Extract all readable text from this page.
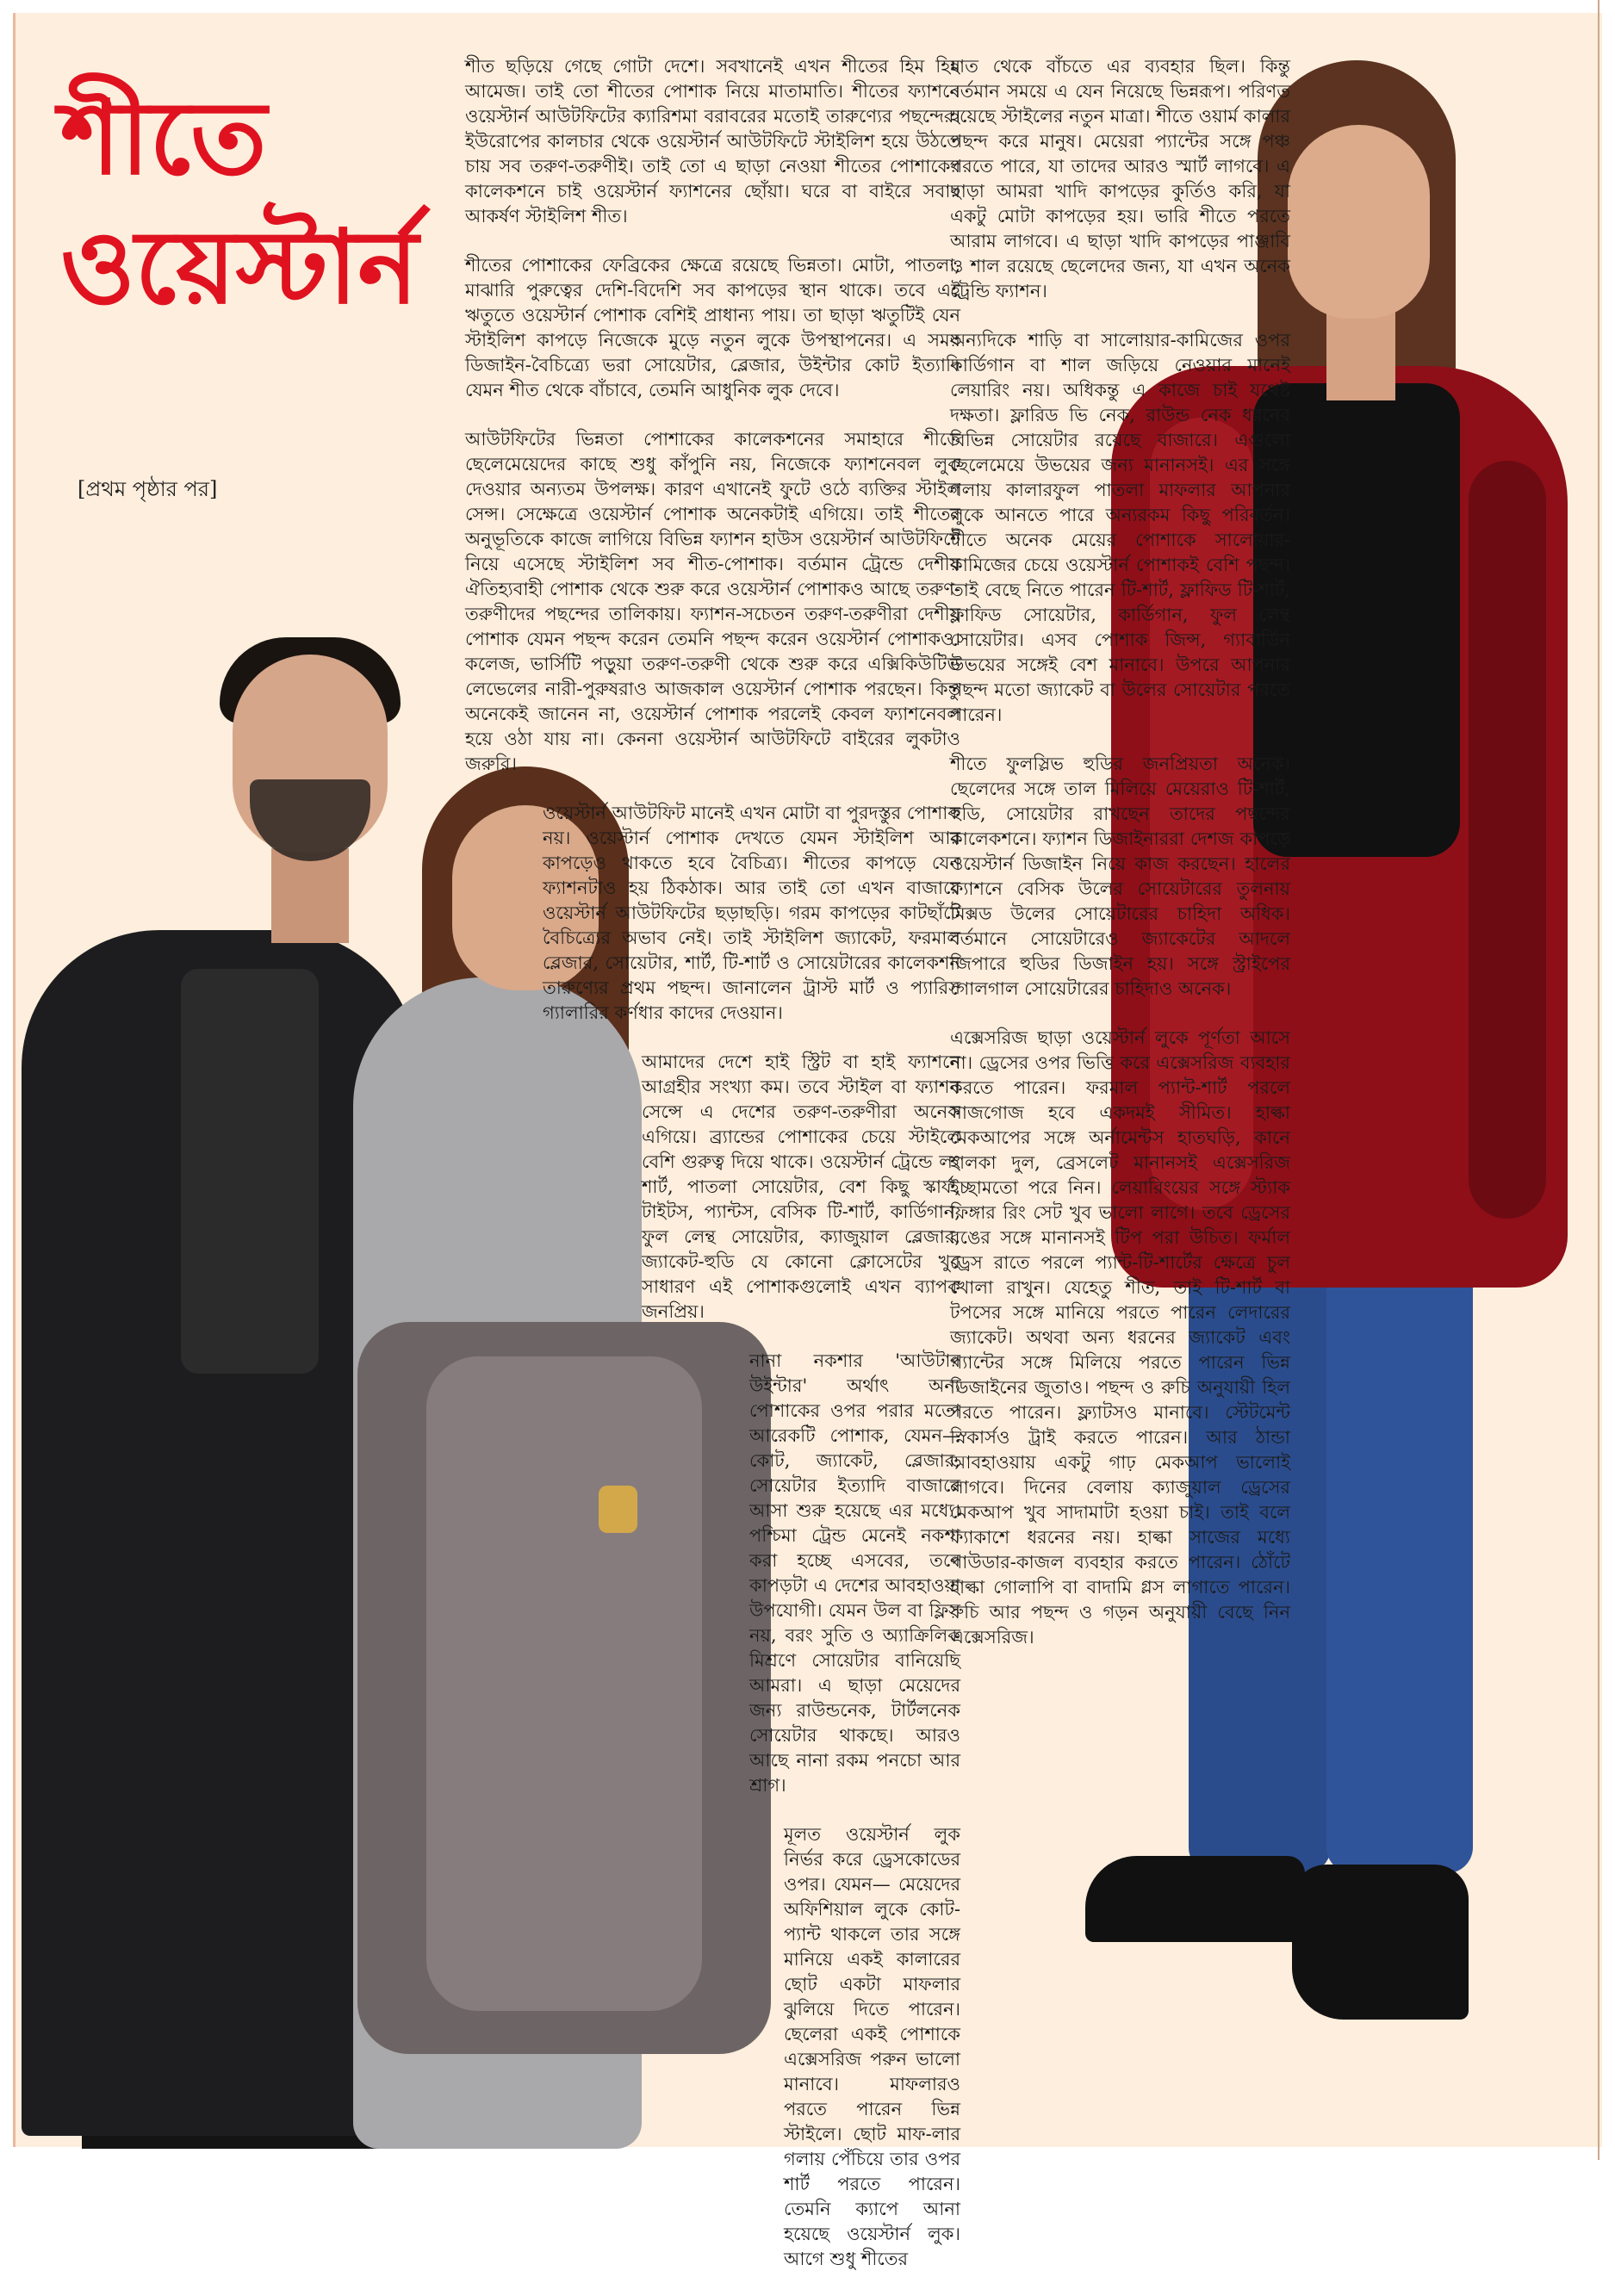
শীতে
ওয়েস্টার্ন
[প্রথম পৃষ্ঠার পর]

শীত ছড়িয়ে গেছে গোটা দেশে। সবখানেই এখন শীতের হিম হিম আমেজ। তাই তো শীতের পোশাক নিয়ে মাতামাতি। শীতের ফ্যাশনে ওয়েস্টার্ন আউটফিটের ক্যারিশমা বরাবরের মতোই তারুণ্যের পছন্দের। ইউরোপের কালচার থেকে ওয়েস্টার্ন আউটফিটে স্টাইলিশ হয়ে উঠতে চায় সব তরুণ-তরুণীই। তাই তো এ ছাড়া নেওয়া শীতের পোশাকের কালেকশনে চাই ওয়েস্টার্ন ফ্যাশনের ছোঁয়া। ঘরে বা বাইরে সবার আকর্ষণ স্টাইলিশ শীত।

শীতের পোশাকের ফেব্রিকের ক্ষেত্রে রয়েছে ভিন্নতা। মোটা, পাতলা, মাঝারি পুরুত্বের দেশি-বিদেশি সব কাপড়ের স্থান থাকে। তবে এই ঋতুতে ওয়েস্টার্ন পোশাক বেশিই প্রাধান্য পায়। তা ছাড়া ঋতুটিই যেন স্টাইলিশ কাপড়ে নিজেকে মুড়ে নতুন লুকে উপস্থাপনের। এ সময় ডিজাইন-বৈচিত্র্যে ভরা সোয়েটার, ব্লেজার, উইন্টার কোট ইত্যাদি যেমন শীত থেকে বাঁচাবে, তেমনি আধুনিক লুক দেবে।

আউটফিটের ভিন্নতা পোশাকের কালেকশনের সমাহারে শীতে ছেলেমেয়েদের কাছে শুধু কাঁপুনি নয়, নিজেকে ফ্যাশনেবল লুক দেওয়ার অন্যতম উপলক্ষ। কারণ এখানেই ফুটে ওঠে ব্যক্তির স্টাইল সেন্স। সেক্ষেত্রে ওয়েস্টার্ন পোশাক অনেকটাই এগিয়ে। তাই শীতের অনুভূতিকে কাজে লাগিয়ে বিভিন্ন ফ্যাশন হাউস ওয়েস্টার্ন আউটফিটে নিয়ে এসেছে স্টাইলিশ সব শীত-পোশাক। বর্তমান ট্রেন্ডে দেশীয় ঐতিহ্যবাহী পোশাক থেকে শুরু করে ওয়েস্টার্ন পোশাকও আছে তরুণ-তরুণীদের পছন্দের তালিকায়। ফ্যাশন-সচেতন তরুণ-তরুণীরা দেশীয় পোশাক যেমন পছন্দ করেন তেমনি পছন্দ করেন ওয়েস্টার্ন পোশাকও। কলেজ, ভার্সিটি পড়ুয়া তরুণ-তরুণী থেকে শুরু করে এক্সিকিউটিভ লেভেলের নারী-পুরুষরাও আজকাল ওয়েস্টার্ন পোশাক পরছেন। কিন্তু অনেকেই জানেন না, ওয়েস্টার্ন পোশাক পরলেই কেবল ফ্যাশনেবল হয়ে ওঠা যায় না। কেননা ওয়েস্টার্ন আউটফিটে বাইরের লুকটাও জরুরি।

ওয়েস্টার্ন আউটফিট মানেই এখন মোটা বা পুরদস্তুর পোশাক নয়। ওয়েস্টার্ন পোশাক দেখতে যেমন স্টাইলিশ আর কাপড়েও থাকতে হবে বৈচিত্র্য। শীতের কাপড়ে যেন ফ্যাশনটাও হয় ঠিকঠাক। আর তাই তো এখন বাজারে ওয়েস্টার্ন আউটফিটের ছড়াছড়ি। গরম কাপড়ের কাটছাঁটে বৈচিত্র্যের অভাব নেই। তাই স্টাইলিশ জ্যাকেট, ফরমাল ব্লেজার, সোয়েটার, শার্ট, টি-শার্ট ও সোয়েটারের কালেকশন তারুণ্যের প্রথম পছন্দ। জানালেন ট্রাস্ট মার্ট ও প্যারিস গ্যালারির কর্ণধার কাদের দেওয়ান।

আমাদের দেশে হাই স্ট্রিট বা হাই ফ্যাশনে আগ্রহীর সংখ্যা কম। তবে স্টাইল বা ফ্যাশন সেন্সে এ দেশের তরুণ-তরুণীরা অনেক এগিয়ে। ব্র্যান্ডের পোশাকের চেয়ে স্টাইলে বেশি গুরুত্ব দিয়ে থাকে। ওয়েস্টার্ন ট্রেন্ডে লং শার্ট, পাতলা সোয়েটার, বেশ কিছু স্কার্ফ, টাইটস, প্যান্টস, বেসিক টি-শার্ট, কার্ডিগান, ফুল লেন্থ সোয়েটার, ক্যাজুয়াল ব্লেজার, জ্যাকেট-হুডি যে কোনো ক্লোসেটের খুব সাধারণ এই পোশাকগুলোই এখন ব্যাপক জনপ্রিয়।

নানা নকশার 'আউটার উইন্টার' অর্থাৎ অন্য পোশাকের ওপর পরার মতো আরেকটি পোশাক, যেমন— কোট, জ্যাকেট, ব্লেজার, সোয়েটার ইত্যাদি বাজারে আসা শুরু হয়েছে এর মধ্যে। পশ্চিমা ট্রেন্ড মেনেই নকশা করা হচ্ছে এসবের, তবে কাপড়টা এ দেশের আবহাওয়া উপযোগী। যেমন উল বা ফ্লিস নয়, বরং সুতি ও অ্যাক্রিলিক মিশ্রণে সোয়েটার বানিয়েছি আমরা। এ ছাড়া মেয়েদের জন্য রাউন্ডনেক, টার্টলনেক সোয়েটার থাকছে। আরও আছে নানা রকম পনচো আর শ্রাগ।

মূলত ওয়েস্টার্ন লুক নির্ভর করে ড্রেসকোডের ওপর। যেমন— মেয়েদের অফিশিয়াল লুকে কোট-প্যান্ট থাকলে তার সঙ্গে মানিয়ে একই কালারের ছোট একটা মাফলার ঝুলিয়ে দিতে পারেন। ছেলেরা একই পোশাকে এক্সেসরিজ পরুন ভালো মানাবে। মাফলারও পরতে পারেন ভিন্ন স্টাইলে। ছোট মাফ-লার গলায় পেঁচিয়ে তার ওপর শার্ট পরতে পারেন। তেমনি ক্যাপে আনা হয়েছে ওয়েস্টার্ন লুক। আগে শুধু শীতের

হাত থেকে বাঁচতে এর ব্যবহার ছিল। কিন্তু বর্তমান সময়ে এ যেন নিয়েছে ভিন্নরূপ। পরিণত হয়েছে স্টাইলের নতুন মাত্রা। শীতে ওয়ার্ম কালার পছন্দ করে মানুষ। মেয়েরা প্যান্টের সঙ্গে পঞ্চ পরতে পারে, যা তাদের আরও স্মার্ট লাগবে। এ ছাড়া আমরা খাদি কাপড়ের কুর্তিও করি, যা একটু মোটা কাপড়ের হয়। ভারি শীতে পরতে আরাম লাগবে। এ ছাড়া খাদি কাপড়ের পাঞ্জাবি ও শাল রয়েছে ছেলেদের জন্য, যা এখন অনেক ট্রেন্ডি ফ্যাশন।

অন্যদিকে শাড়ি বা সালোয়ার-কামিজের ওপর কার্ডিগান বা শাল জড়িয়ে নেওয়ার মানেই লেয়ারিং নয়। অধিকন্তু এ কাজে চাই যথেষ্ট দক্ষতা। ফ্লারিড ভি নেক, রাউন্ড নেক ধরনের বিভিন্ন সোয়েটার রয়েছে বাজারে। এগুলো ছেলেমেয়ে উভয়ের জন্য মানানসই। এর সঙ্গে গলায় কালারফুল পাতলা মাফলার আপনার লুকে আনতে পারে অন্যরকম কিছু পরিবর্তন। শীতে অনেক মেয়ের পোশাকে সালোয়ার-কামিজের চেয়ে ওয়েস্টার্ন পোশাকই বেশি পছন্দ। তাই বেছে নিতে পারেন টি-শার্ট, ফ্লাফিড টি-শার্ট, ফ্লাফিড সোয়েটার, কার্ডিগান, ফুল লেন্থ সোয়েটার। এসব পোশাক জিন্স, গ্যাবার্ডিন উভয়ের সঙ্গেই বেশ মানাবে। উপরে আপনার পছন্দ মতো জ্যাকেট বা উলের সোয়েটার পরতে পারেন।

শীতে ফুলস্লিভ হুডির জনপ্রিয়তা অনেক। ছেলেদের সঙ্গে তাল মিলিয়ে মেয়েরাও টি-শার্ট, হুডি, সোয়েটার রাখছেন তাদের পছন্দের কালেকশনে। ফ্যাশন ডিজাইনাররা দেশজ কাপড়ে ওয়েস্টার্ন ডিজাইন নিয়ে কাজ করছেন। হালের ফ্যাশনে বেসিক উলের সোয়েটারের তুলনায় মিক্সড উলের সোয়েটারের চাহিদা অধিক। বর্তমানে সোয়েটারেও জ্যাকেটের আদলে জিপারে হুডির ডিজাইন হয়। সঙ্গে স্ট্রাইপের গোলগাল সোয়েটারের চাহিদাও অনেক।

এক্সেসরিজ ছাড়া ওয়েস্টার্ন লুকে পূর্ণতা আসে না। ড্রেসের ওপর ভিত্তি করে এক্সেসরিজ ব্যবহার করতে পারেন। ফরমাল প্যান্ট-শার্ট পরলে সাজগোজ হবে একদমই সীমিত। হাল্কা মেকআপের সঙ্গে অর্নামেন্টস হাতঘড়ি, কানে হালকা দুল, ব্রেসলেট মানানসই এক্সেসরিজ ইচ্ছামতো পরে নিন। লেয়ারিংয়ের সঙ্গে স্ট্যাক ফিঙ্গার রিং সেট খুব ভালো লাগে। তবে ড্রেসের রঙের সঙ্গে মানানসই টিপ পরা উচিত। ফর্মাল ড্রেস রাতে পরলে প্যান্ট-টি-শার্টের ক্ষেত্রে চুল খোলা রাখুন। যেহেতু শীত, তাই টি-শার্ট বা টপসের সঙ্গে মানিয়ে পরতে পারেন লেদারের জ্যাকেট। অথবা অন্য ধরনের জ্যাকেট এবং প্যান্টের সঙ্গে মিলিয়ে পরতে পারেন ভিন্ন ডিজাইনের জুতাও। পছন্দ ও রুচি অনুযায়ী হিল পরতে পারেন। ফ্ল্যাটসও মানাবে। স্টেটমেন্ট স্নিকার্সও ট্রাই করতে পারেন। আর ঠান্ডা আবহাওয়ায় একটু গাঢ় মেকআপ ভালোই লাগবে। দিনের বেলায় ক্যাজুয়াল ড্রেসের মেকআপ খুব সাদামাটা হওয়া চাই। তাই বলে ফ্যাকাশে ধরনের নয়। হাল্কা সাজের মধ্যে পাউডার-কাজল ব্যবহার করতে পারেন। ঠোঁটে হাল্কা গোলাপি বা বাদামি গ্লস লাগাতে পারেন। রুচি আর পছন্দ ও গড়ন অনুযায়ী বেছে নিন এক্সেসরিজ।
